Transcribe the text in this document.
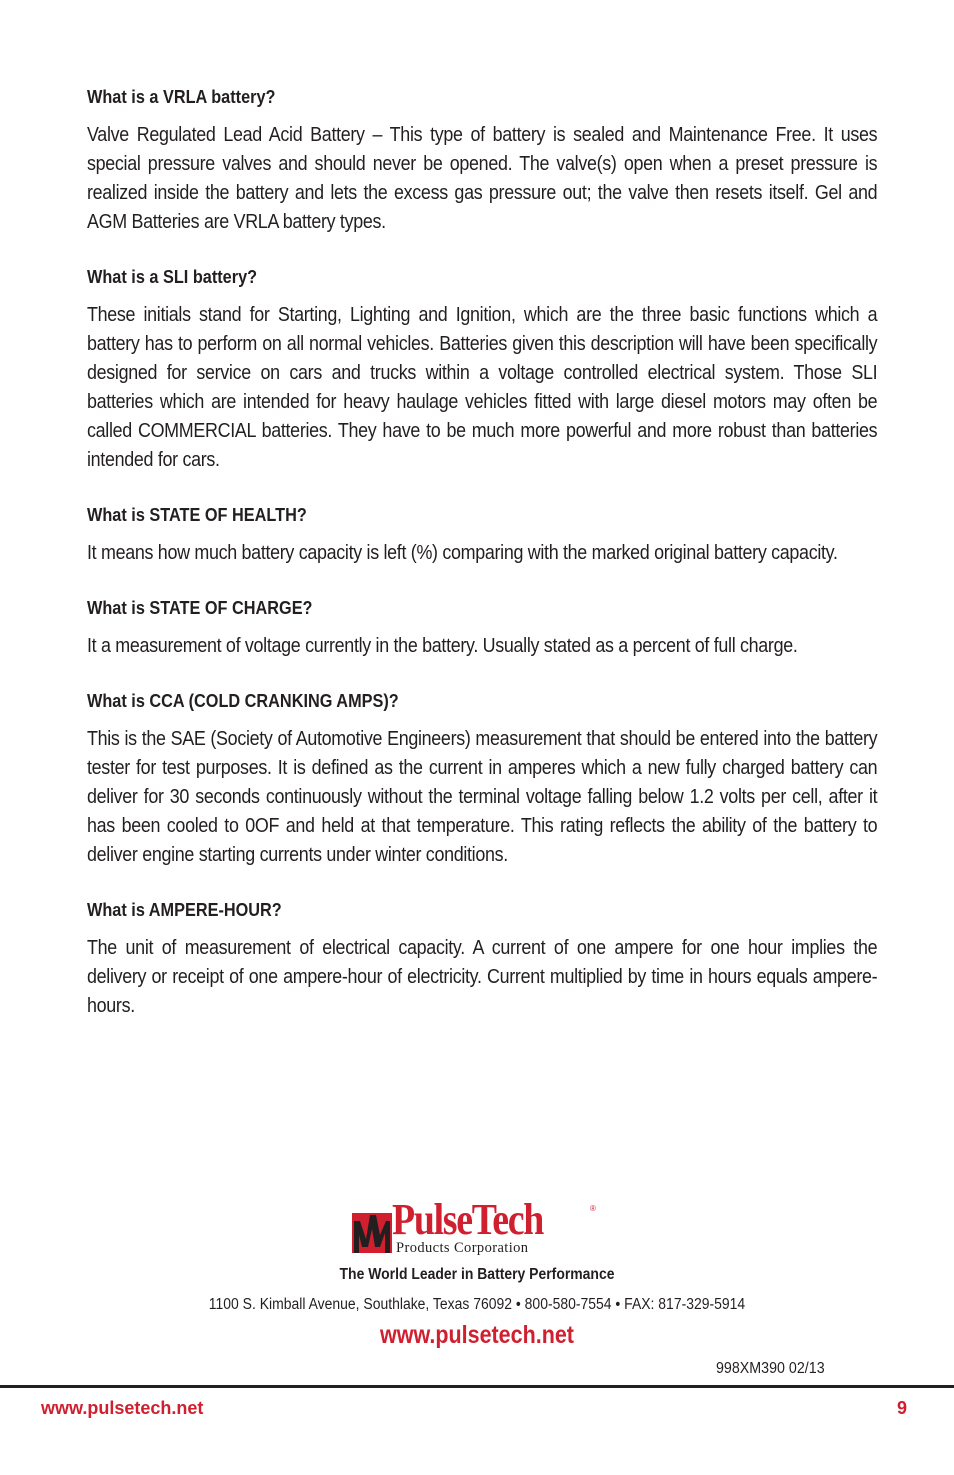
What is a VRLA battery?

Valve Regulated Lead Acid Battery – This type of battery is sealed and Maintenance Free. It uses special pressure valves and should never be opened. The valve(s) open when a preset pressure is realized inside the battery and lets the excess gas pressure out; the valve then resets itself. Gel and AGM Batteries are VRLA battery types.

What is a SLI battery?

These initials stand for Starting, Lighting and Ignition, which are the three basic functions which a battery has to perform on all normal vehicles. Batteries given this description will have been specifically designed for service on cars and trucks within a voltage controlled electrical system. Those SLI batteries which are intended for heavy haulage vehicles fitted with large diesel motors may often be called COMMERCIAL batteries. They have to be much more powerful and more robust than batteries intended for cars.

What is STATE OF HEALTH?

It means how much battery capacity is left (%) comparing with the marked original battery capacity.

What is STATE OF CHARGE?

It a measurement of voltage currently in the battery. Usually stated as a percent of full charge.

What is CCA (COLD CRANKING AMPS)?

This is the SAE (Society of Automotive Engineers) measurement that should be entered into the battery tester for test purposes. It is defined as the current in amperes which a new fully charged battery can deliver for 30 seconds continuously without the terminal voltage falling below 1.2 volts per cell, after it has been cooled to 0OF and held at that temperature. This rating reflects the ability of the battery to deliver engine starting currents under winter conditions.

What is AMPERE-HOUR?

The unit of measurement of electrical capacity. A current of one ampere for one hour implies the delivery or receipt of one ampere-hour of electricity. Current multiplied by time in hours equals ampere-hours.

PulseTech	®
Products Corporation
The World Leader in Battery Performance
1100 S. Kimball Avenue, Southlake, Texas 76092 • 800-580-7554 • FAX: 817-329-5914
www.pulsetech.net
998XM390 02/13
www.pulsetech.net	9
